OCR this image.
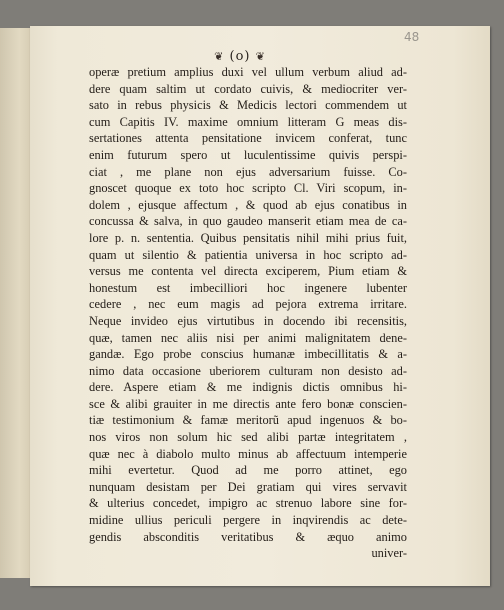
48
❦ (o) ❦
operæ pretium amplius duxi vel ullum verbum aliud ad-
dere quam saltim ut cordato cuivis, & mediocriter ver-
sato in rebus physicis & Medicis lectori commendem ut
cum Capitis IV. maxime omnium litteram G meas dis-
sertationes attenta pensitatione invicem conferat, tunc
enim futurum spero ut luculentissime quivis perspi-
ciat , me plane non ejus adversarium fuisse. Co-
gnoscet quoque ex toto hoc scripto Cl. Viri scopum, in-
dolem , ejusque affectum , & quod ab ejus conatibus in
concussa & salva, in quo gaudeo manserit etiam mea de ca-
lore p. n. sententia. Quibus pensitatis nihil mihi prius fuit,
quam ut silentio & patientia universa in hoc scripto ad-
versus me contenta vel directa exciperem, Pium etiam &
honestum est imbecilliori hoc ingenere lubenter
cedere , nec eum magis ad pejora extrema irritare.
Neque invideo ejus virtutibus in docendo ibi recensitis,
quæ, tamen nec aliis nisi per animi malignitatem dene-
gandæ. Ego probe conscius humanæ imbecillitatis & a-
nimo data occasione uberiorem culturam non desisto ad-
dere. Aspere etiam & me indignis dictis omnibus hi-
sce & alibi grauiter in me directis ante fero bonæ conscien-
tiæ testimonium & famæ meritorũ apud ingenuos & bo-
nos viros non solum hic sed alibi partæ integritatem ,
quæ nec à diabolo multo minus ab affectuum intemperie
mihi evertetur. Quod ad me porro attinet, ego
nunquam desistam per Dei gratiam qui vires servavit
& ulterius concedet, impigro ac strenuo labore sine for-
midine ullius periculi pergere in inqvirendis ac dete-
gendis absconditis veritatibus & æquo animo
univer-
